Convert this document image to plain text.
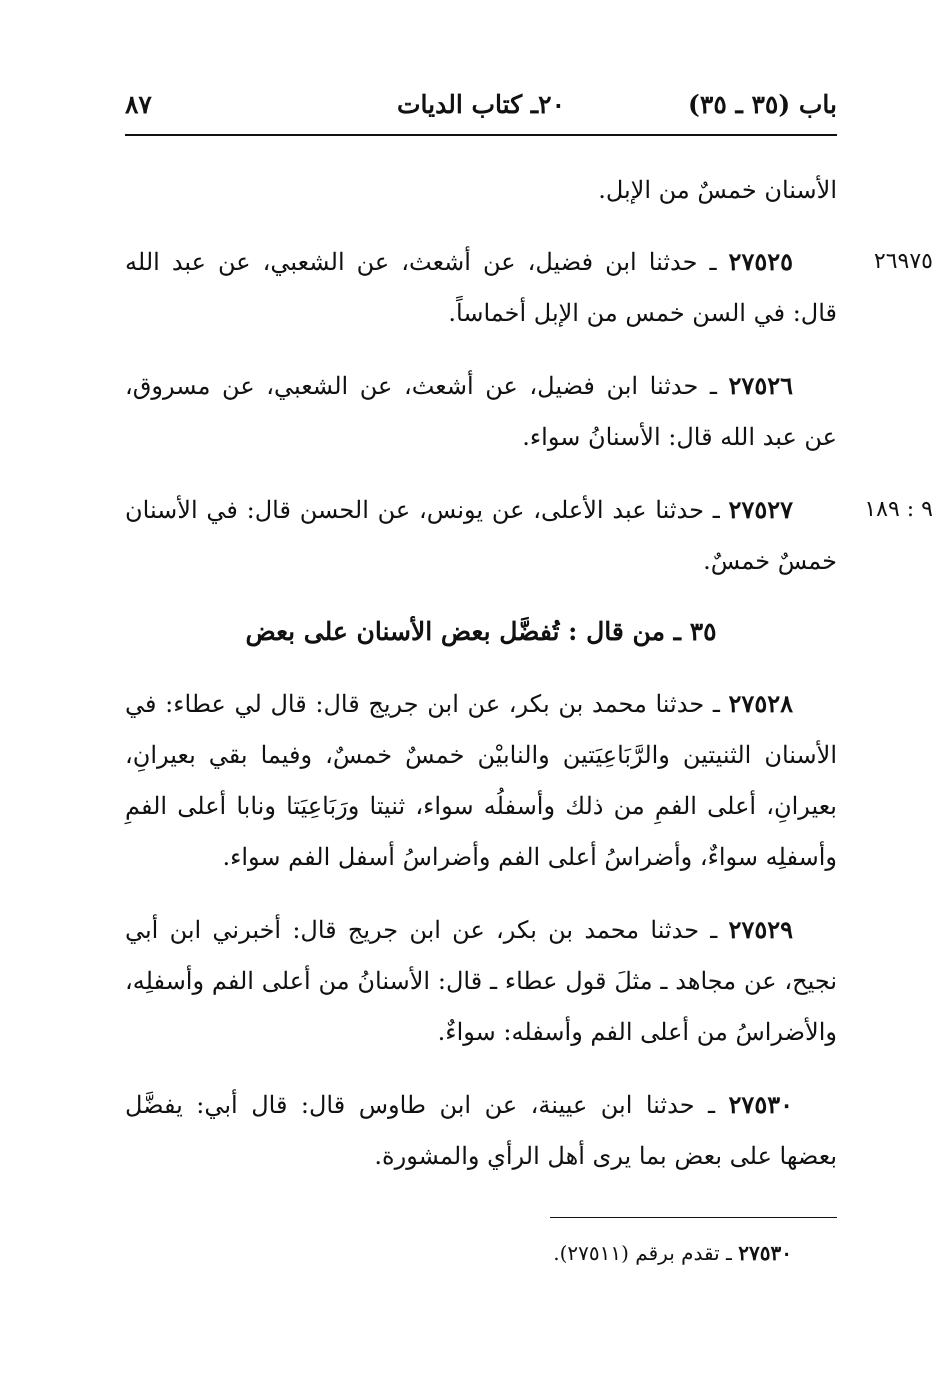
باب (٣٥ ـ ٣٥)
٢٠ـ كتاب الديات
٨٧

الأسنان خمسٌ من الإبل.

٢٦٩٧٥
٢٧٥٢٥ ـ حدثنا ابن فضيل، عن أشعث، عن الشعبي، عن عبد الله قال: في السن خمس من الإبل أخماساً.

٢٧٥٢٦ ـ حدثنا ابن فضيل، عن أشعث، عن الشعبي، عن مسروق، عن عبد الله قال: الأسنانُ سواء.

٩ : ١٨٩
٢٧٥٢٧ ـ حدثنا عبد الأعلى، عن يونس، عن الحسن قال: في الأسنان خمسٌ خمسٌ.

٣٥ ـ من قال : تُفضَّل بعض الأسنان على بعض

٢٧٥٢٨ ـ حدثنا محمد بن بكر، عن ابن جريج قال: قال لي عطاء: في الأسنان الثنيتين والرَّبَاعِيَتين والنابيْن خمسٌ خمسٌ، وفيما بقي بعيرانِ، بعيرانِ، أعلى الفمِ من ذلك وأسفلُه سواء، ثنيتا ورَبَاعِيَتا ونابا أعلى الفمِ وأسفلِه سواءٌ، وأضراسُ أعلى الفم وأضراسُ أسفل الفم سواء.

٢٧٥٢٩ ـ حدثنا محمد بن بكر، عن ابن جريج قال: أخبرني ابن أبي نجيح، عن مجاهد ـ مثلَ قول عطاء ـ قال: الأسنانُ من أعلى الفم وأسفلِه، والأضراسُ من أعلى الفم وأسفله: سواءٌ.

٢٧٥٣٠ ـ حدثنا ابن عيينة، عن ابن طاوس قال: قال أبي: يفضَّل بعضها على بعض بما يرى أهل الرأي والمشورة.

٢٧٥٣٠ ـ تقدم برقم (٢٧٥١١).
